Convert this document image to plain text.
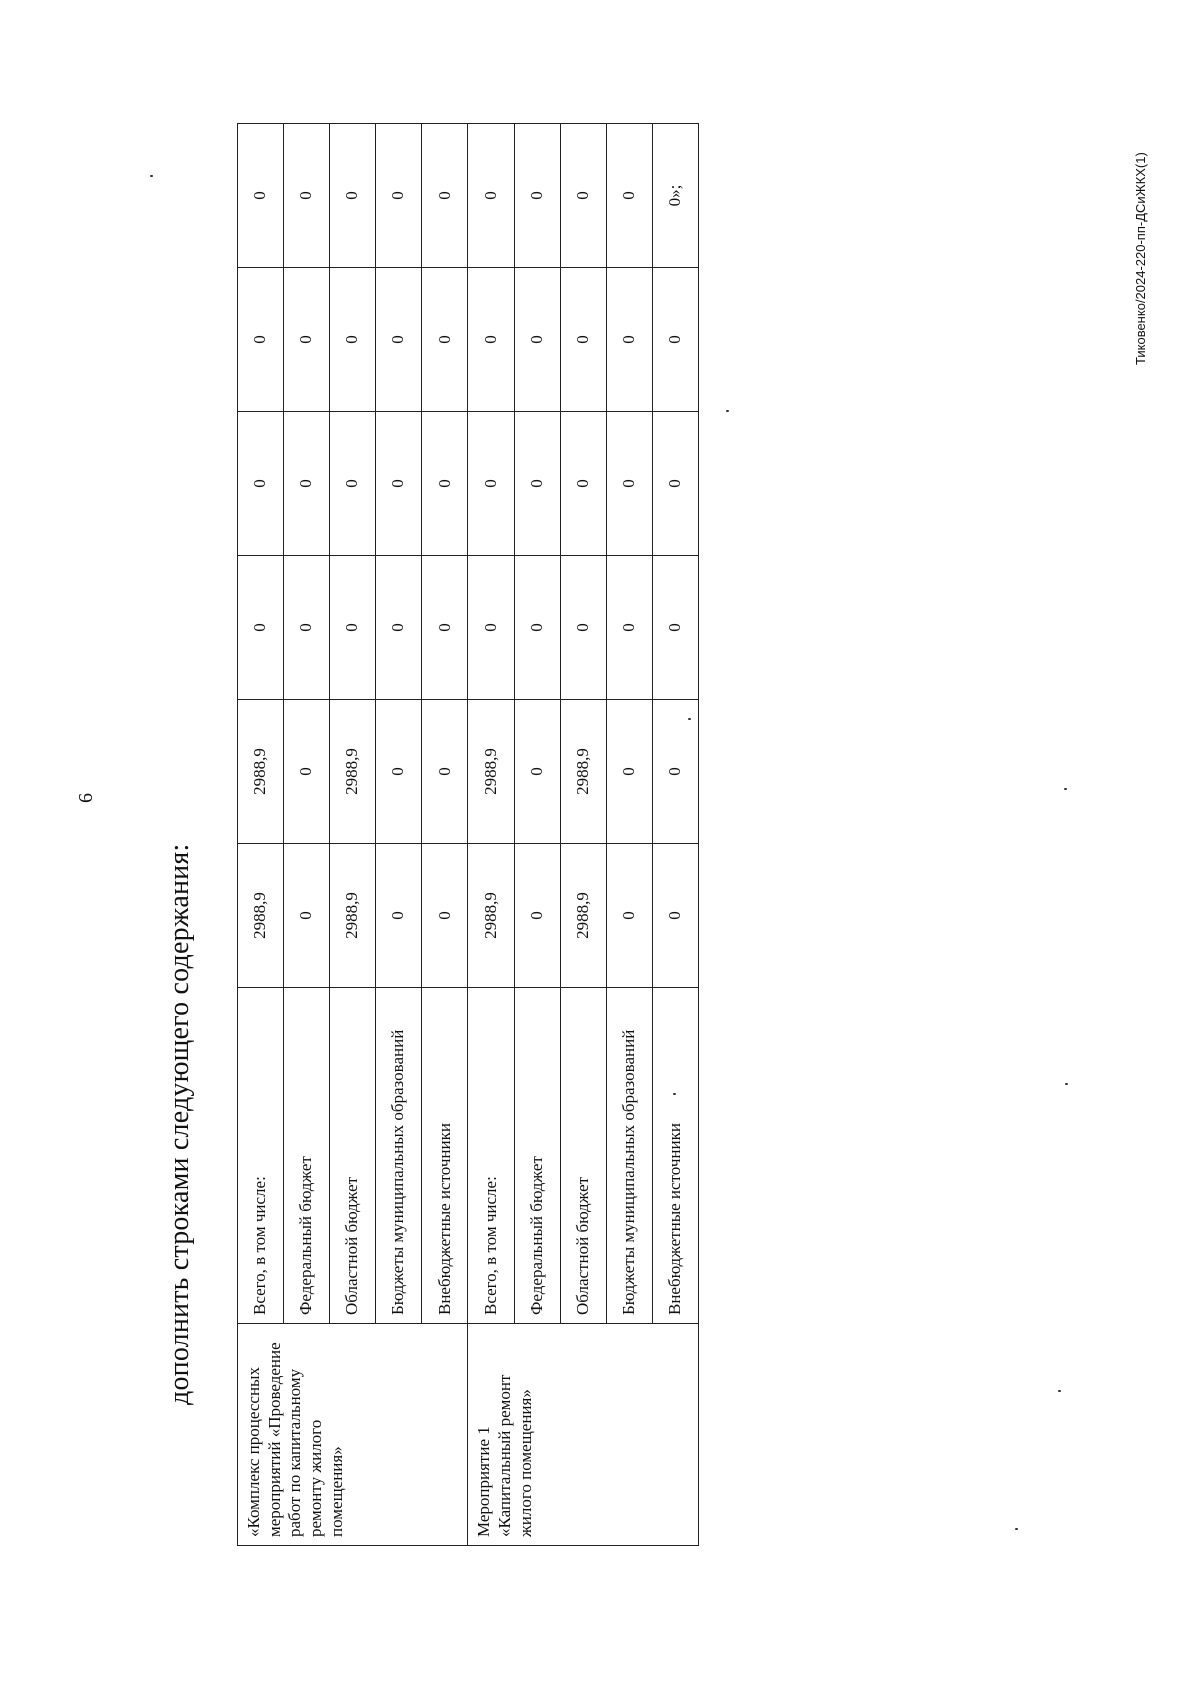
6
дополнить строками следующего содержания:
«Комплекс процессных мероприятий «Проведение работ по капитальному ремонту жилого помещения»	Всего, в том числе:	2988,9	2988,9	0	0	0	0
	Федеральный бюджет	0	0	0	0	0	0
	Областной бюджет	2988,9	2988,9	0	0	0	0
	Бюджеты муниципальных образований	0	0	0	0	0	0
	Внебюджетные источники	0	0	0	0	0	0
Мероприятие 1 «Капитальный ремонт жилого помещения»	Всего, в том числе:	2988,9	2988,9	0	0	0	0
	Федеральный бюджет	0	0	0	0	0	0
	Областной бюджет	2988,9	2988,9	0	0	0	0
	Бюджеты муниципальных образований	0	0	0	0	0	0
	Внебюджетные источники	0	0	0	0	0	0»;	Тиковенко/2024-220-пп-ДСиЖКХ(1)
